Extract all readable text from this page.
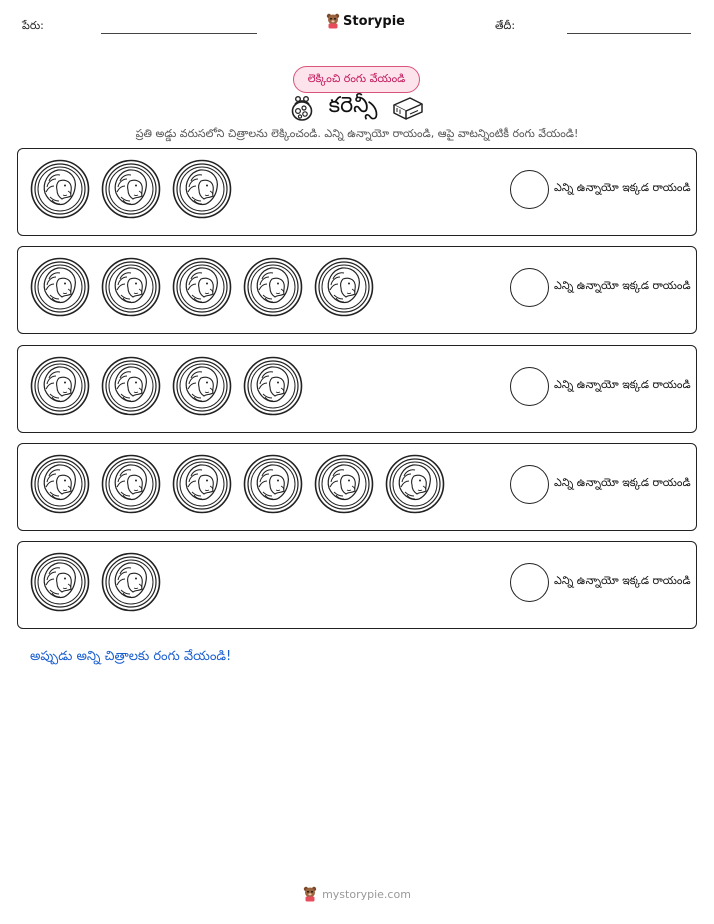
పేరు:	Storypie	తేదీ:
లెక్కించి రంగు వేయండి
కరెన్సీ
ప్రతి అడ్డు వరుసలోని చిత్రాలను లెక్కించండి. ఎన్ని ఉన్నాయో రాయండి, ఆపై వాటన్నింటికీ రంగు వేయండి!
ఎన్ని ఉన్నాయో ఇక్కడ రాయండి
ఎన్ని ఉన్నాయో ఇక్కడ రాయండి
ఎన్ని ఉన్నాయో ఇక్కడ రాయండి
ఎన్ని ఉన్నాయో ఇక్కడ రాయండి
ఎన్ని ఉన్నాయో ఇక్కడ రాయండి
అప్పుడు అన్ని చిత్రాలకు రంగు వేయండి!
mystorypie.com
